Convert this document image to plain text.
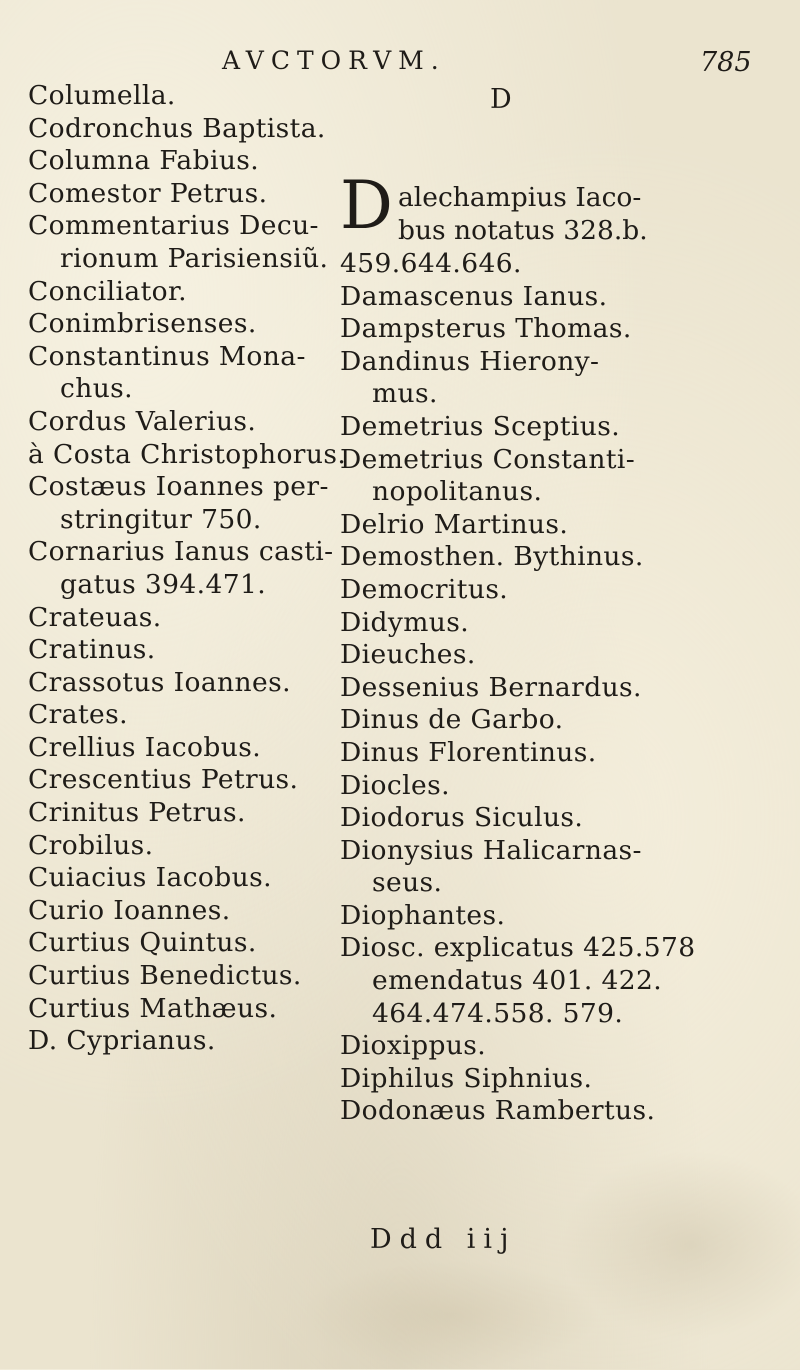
AVCTORVM.	785
Columella.
Codronchus Baptista.
Columna Fabius.
Comestor Petrus.
Commentarius Decu-
rionum Parisiensiũ.
Conciliator.
Conimbrisenses.
Constantinus Mona-
chus.
Cordus Valerius.
à Costa Christophorus.
Costæus Ioannes per-
stringitur 750.
Cornarius Ianus casti-
gatus 394.471.
Crateuas.
Cratinus.
Crassotus Ioannes.
Crates.
Crellius Iacobus.
Crescentius Petrus.
Crinitus Petrus.
Crobilus.
Cuiacius Iacobus.
Curio Ioannes.
Curtius Quintus.
Curtius Benedictus.
Curtius Mathæus.
D. Cyprianus.
D
D alechampius Iaco-
bus notatus 328.b.
459.644.646.
Damascenus Ianus.
Dampsterus Thomas.
Dandinus Hierony-
mus.
Demetrius Sceptius.
Demetrius Constanti-
nopolitanus.
Delrio Martinus.
Demosthen. Bythinus.
Democritus.
Didymus.
Dieuches.
Dessenius Bernardus.
Dinus de Garbo.
Dinus Florentinus.
Diocles.
Diodorus Siculus.
Dionysius Halicarnas-
seus.
Diophantes.
Diosc. explicatus 425.578
emendatus 401. 422.
464.474.558. 579.
Dioxippus.
Diphilus Siphnius.
Dodonæus Rambertus.
Ddd iij
